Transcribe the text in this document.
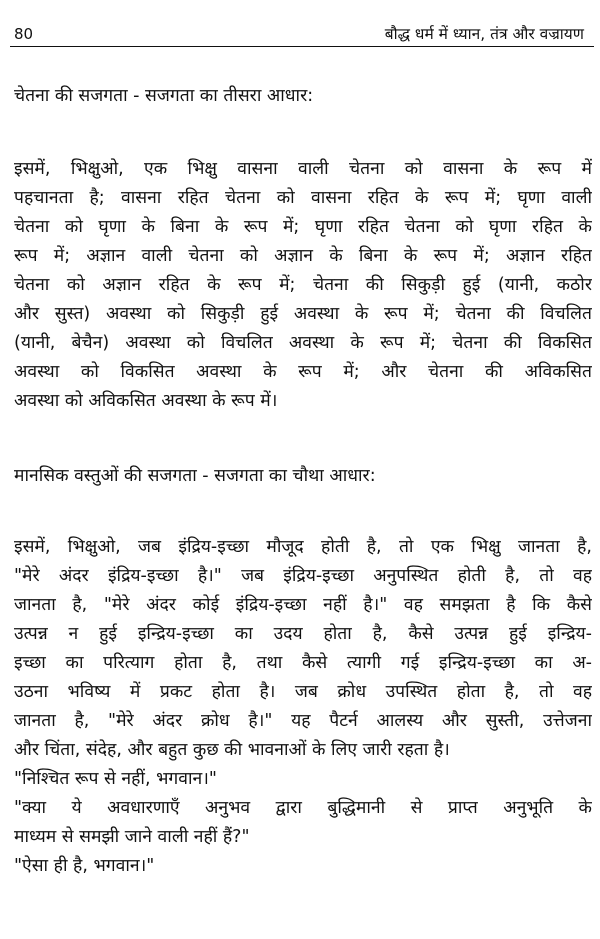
80	बौद्ध धर्म में ध्यान, तंत्र और वज्रायण

चेतना की सजगता - सजगता का तीसरा आधार:

इसमें, भिक्षुओ, एक भिक्षु वासना वाली चेतना को वासना के रूप में
पहचानता है; वासना रहित चेतना को वासना रहित के रूप में; घृणा वाली
चेतना को घृणा के बिना के रूप में; घृणा रहित चेतना को घृणा रहित के
रूप में; अज्ञान वाली चेतना को अज्ञान के बिना के रूप में; अज्ञान रहित
चेतना को अज्ञान रहित के रूप में; चेतना की सिकुड़ी हुई (यानी, कठोर
और सुस्त) अवस्था को सिकुड़ी हुई अवस्था के रूप में; चेतना की विचलित
(यानी, बेचैन) अवस्था को विचलित अवस्था के रूप में; चेतना की विकसित
अवस्था को विकसित अवस्था के रूप में; और चेतना की अविकसित
अवस्था को अविकसित अवस्था के रूप में।

मानसिक वस्तुओं की सजगता - सजगता का चौथा आधार:

इसमें, भिक्षुओ, जब इंद्रिय-इच्छा मौजूद होती है, तो एक भिक्षु जानता है,
"मेरे अंदर इंद्रिय-इच्छा है।" जब इंद्रिय-इच्छा अनुपस्थित होती है, तो वह
जानता है, "मेरे अंदर कोई इंद्रिय-इच्छा नहीं है।" वह समझता है कि कैसे
उत्पन्न न हुई इन्द्रिय-इच्छा का उदय होता है, कैसे उत्पन्न हुई इन्द्रिय-
इच्छा का परित्याग होता है, तथा कैसे त्यागी गई इन्द्रिय-इच्छा का अ-
उठना भविष्य में प्रकट होता है। जब क्रोध उपस्थित होता है, तो वह
जानता है, "मेरे अंदर क्रोध है।" यह पैटर्न आलस्य और सुस्ती, उत्तेजना
और चिंता, संदेह, और बहुत कुछ की भावनाओं के लिए जारी रहता है।

"निश्चित रूप से नहीं, भगवान।"

"क्या ये अवधारणाएँ अनुभव द्वारा बुद्धिमानी से प्राप्त अनुभूति के
माध्यम से समझी जाने वाली नहीं हैं?"

"ऐसा ही है, भगवान।"
